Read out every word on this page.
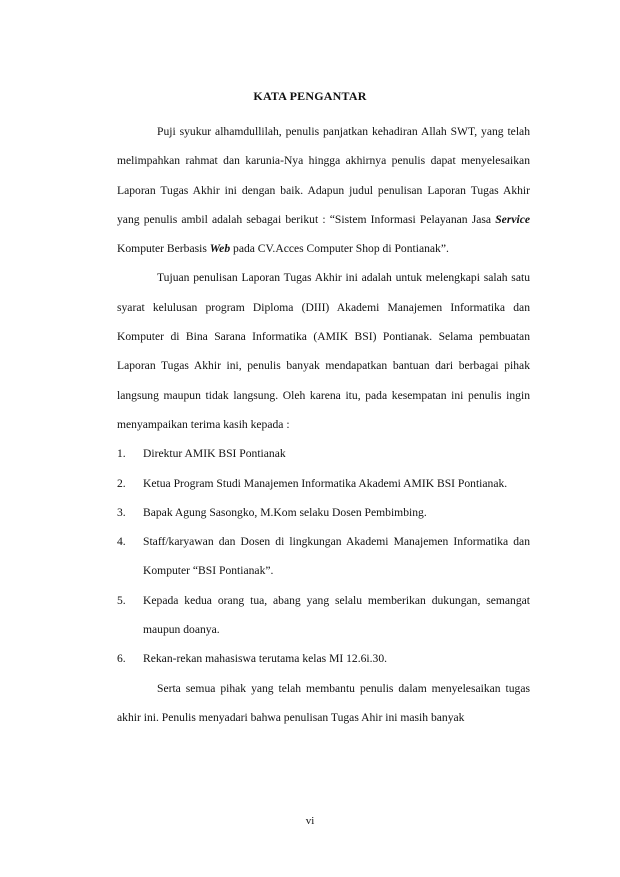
KATA PENGANTAR

Puji syukur alhamdullilah, penulis panjatkan kehadiran Allah SWT, yang telah melimpahkan rahmat dan karunia-Nya hingga akhirnya penulis dapat menyelesaikan Laporan Tugas Akhir ini dengan baik. Adapun judul penulisan Laporan Tugas Akhir yang penulis ambil adalah sebagai berikut : “Sistem Informasi Pelayanan Jasa Service Komputer Berbasis Web pada CV.Acces Computer Shop di Pontianak”.

Tujuan penulisan Laporan Tugas Akhir ini adalah untuk melengkapi salah satu syarat kelulusan program Diploma (DIII) Akademi Manajemen Informatika dan Komputer di Bina Sarana Informatika (AMIK BSI) Pontianak. Selama pembuatan Laporan Tugas Akhir ini, penulis banyak mendapatkan bantuan dari berbagai pihak langsung maupun tidak langsung. Oleh karena itu, pada kesempatan ini penulis ingin menyampaikan terima kasih kepada :

1. Direktur AMIK BSI Pontianak
2. Ketua Program Studi Manajemen Informatika Akademi AMIK BSI Pontianak.
3. Bapak Agung Sasongko, M.Kom selaku Dosen Pembimbing.
4. Staff/karyawan dan Dosen di lingkungan Akademi Manajemen Informatika dan Komputer “BSI Pontianak”.
5. Kepada kedua orang tua, abang yang selalu memberikan dukungan, semangat maupun doanya.
6. Rekan-rekan mahasiswa terutama kelas MI 12.6i.30.

Serta semua pihak yang telah membantu penulis dalam menyelesaikan tugas akhir ini. Penulis menyadari bahwa penulisan Tugas Ahir ini masih banyak

vi
